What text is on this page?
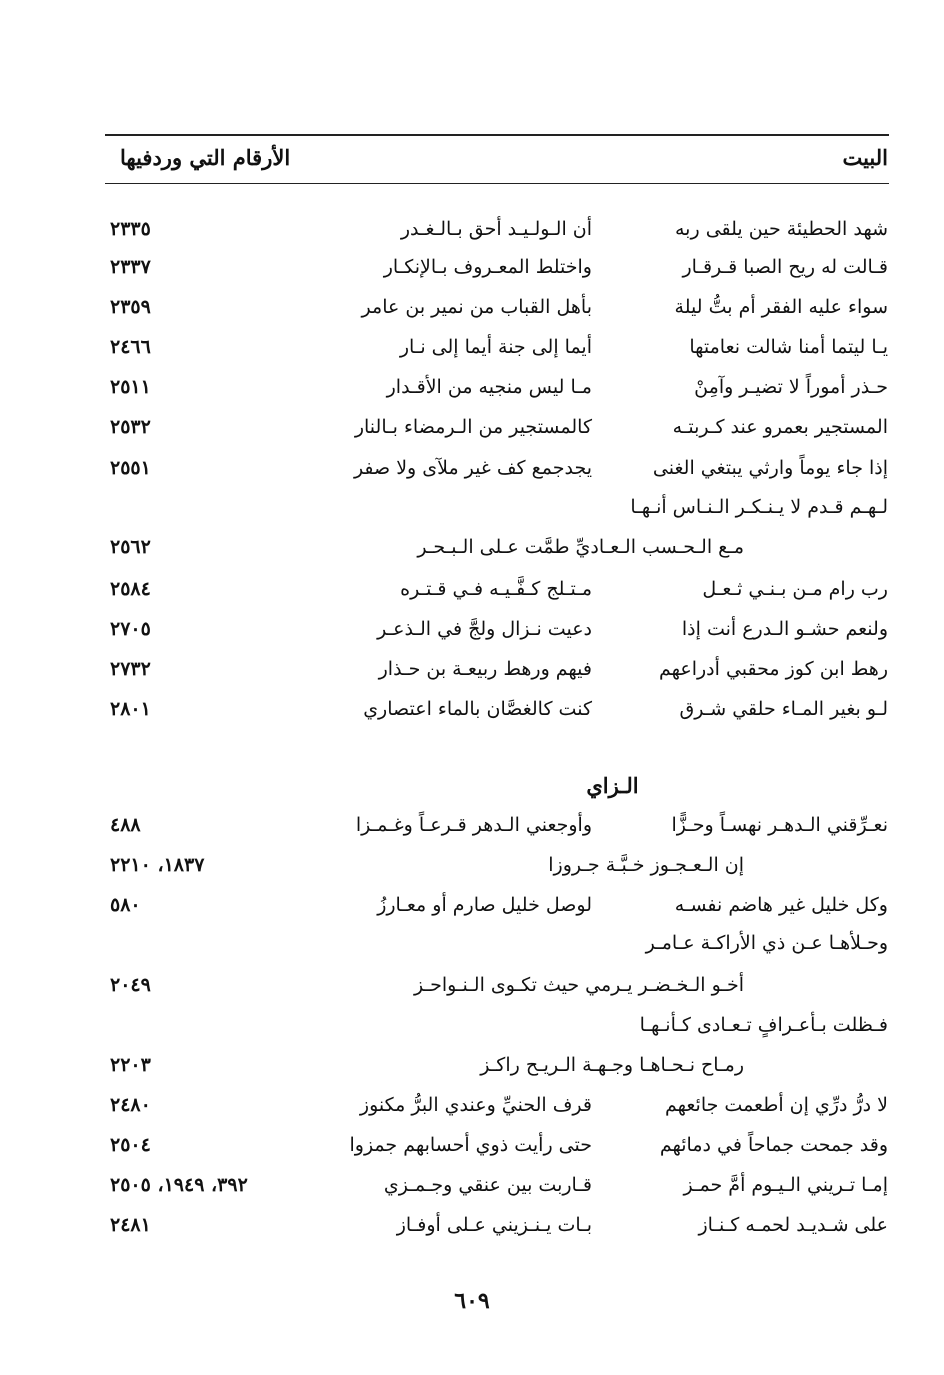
البيت
الأرقام التي وردفيها
شهد الحطيئة حين يلقى ربه
أن الـولـيـد أحق بـالـغـدر
٢٣٣٥
قـالت له ريح الصبا قـرقـار
واختلط المعـروف بـالإنكـار
٢٣٣٧
سواء عليه الفقر أم بتُّ ليلة
بأهل القباب من نمير بن عامر
٢٣٥٩
يـا ليتما أمنا شالت نعامتها
أيما إلى جنة أيما إلى نـار
٢٤٦٦
حـذر أموراً لا تضيـر وآمِنْ
مـا ليس منجيه من الأقـدار
٢٥١١
المستجير بعمرو عند كـربتـه
كالمستجير من الـرمضاء بـالنار
٢٥٣٢
إذا جاء يوماً وارثي يبتغي الغنى
يجدجمع كف غير ملآى ولا صفر
٢٥٥١
لـهـم قـدم لا يـنـكـر الـنـاس أنـهـا
مـع الـحـسب الـعـاديِّ طمَّت عـلى الـبـحـر
٢٥٦٢
رب رام مـن بـنـي ثـعـل
مـتـلج كـفَّـيـه فـي قـتـره
٢٥٨٤
ولنعم حشـو الـدرع أنت إذا
دعيت نـزال ولجَّ في الـذعـر
٢٧٠٥
رهط ابن كوز محقبي أدراعهم
فيهم ورهط ربيعـة بن حـذار
٢٧٣٢
لـو بغير المـاء حلقي شـرق
كنت كالغصَّان بالماء اعتصاري
٢٨٠١
نعـرِّقني الـدهـر نهسـاً وحـزًّا
وأوجعني الـدهر قـرعـاً وغـمـزا
٤٨٨
إن الـعـجـوز خـبَّـة جـروزا
١٨٣٧، ٢٢١٠
وكل خليل غير هاضم نفسـه
لوصل خليل صارم أو معـارزُ
٥٨٠
وحـلأهـا عـن ذي الأراكـة عـامـر
أخـو الـخـضـر يـرمي حيث تكـوى الـنـواحـز
٢٠٤٩
فـظلت بـأعـرافٍ تـعـادى كـأنـهـا
رمـاح نـحـاهـا وجـهـة الـريـح راكـز
٢٢٠٣
لا درُّ درِّي إن أطعمت جائعهم
قرف الحنيِّ وعندي البرُّ مكنوز
٢٤٨٠
وقد جمحت جماحاً في دمائهم
حتى رأيت ذوي أحسابهم جمزوا
٢٥٠٤
إمـا تـريني الـيـوم أمَّ حمـز
قـاربت بين عنقي وجـمـزي
٣٩٢، ١٩٤٩، ٢٥٠٥
على شـديـد لحمـه كـنـاز
بـات يـنـزيني عـلى أوفـاز
٢٤٨١
الـزاي
٦٠٩
